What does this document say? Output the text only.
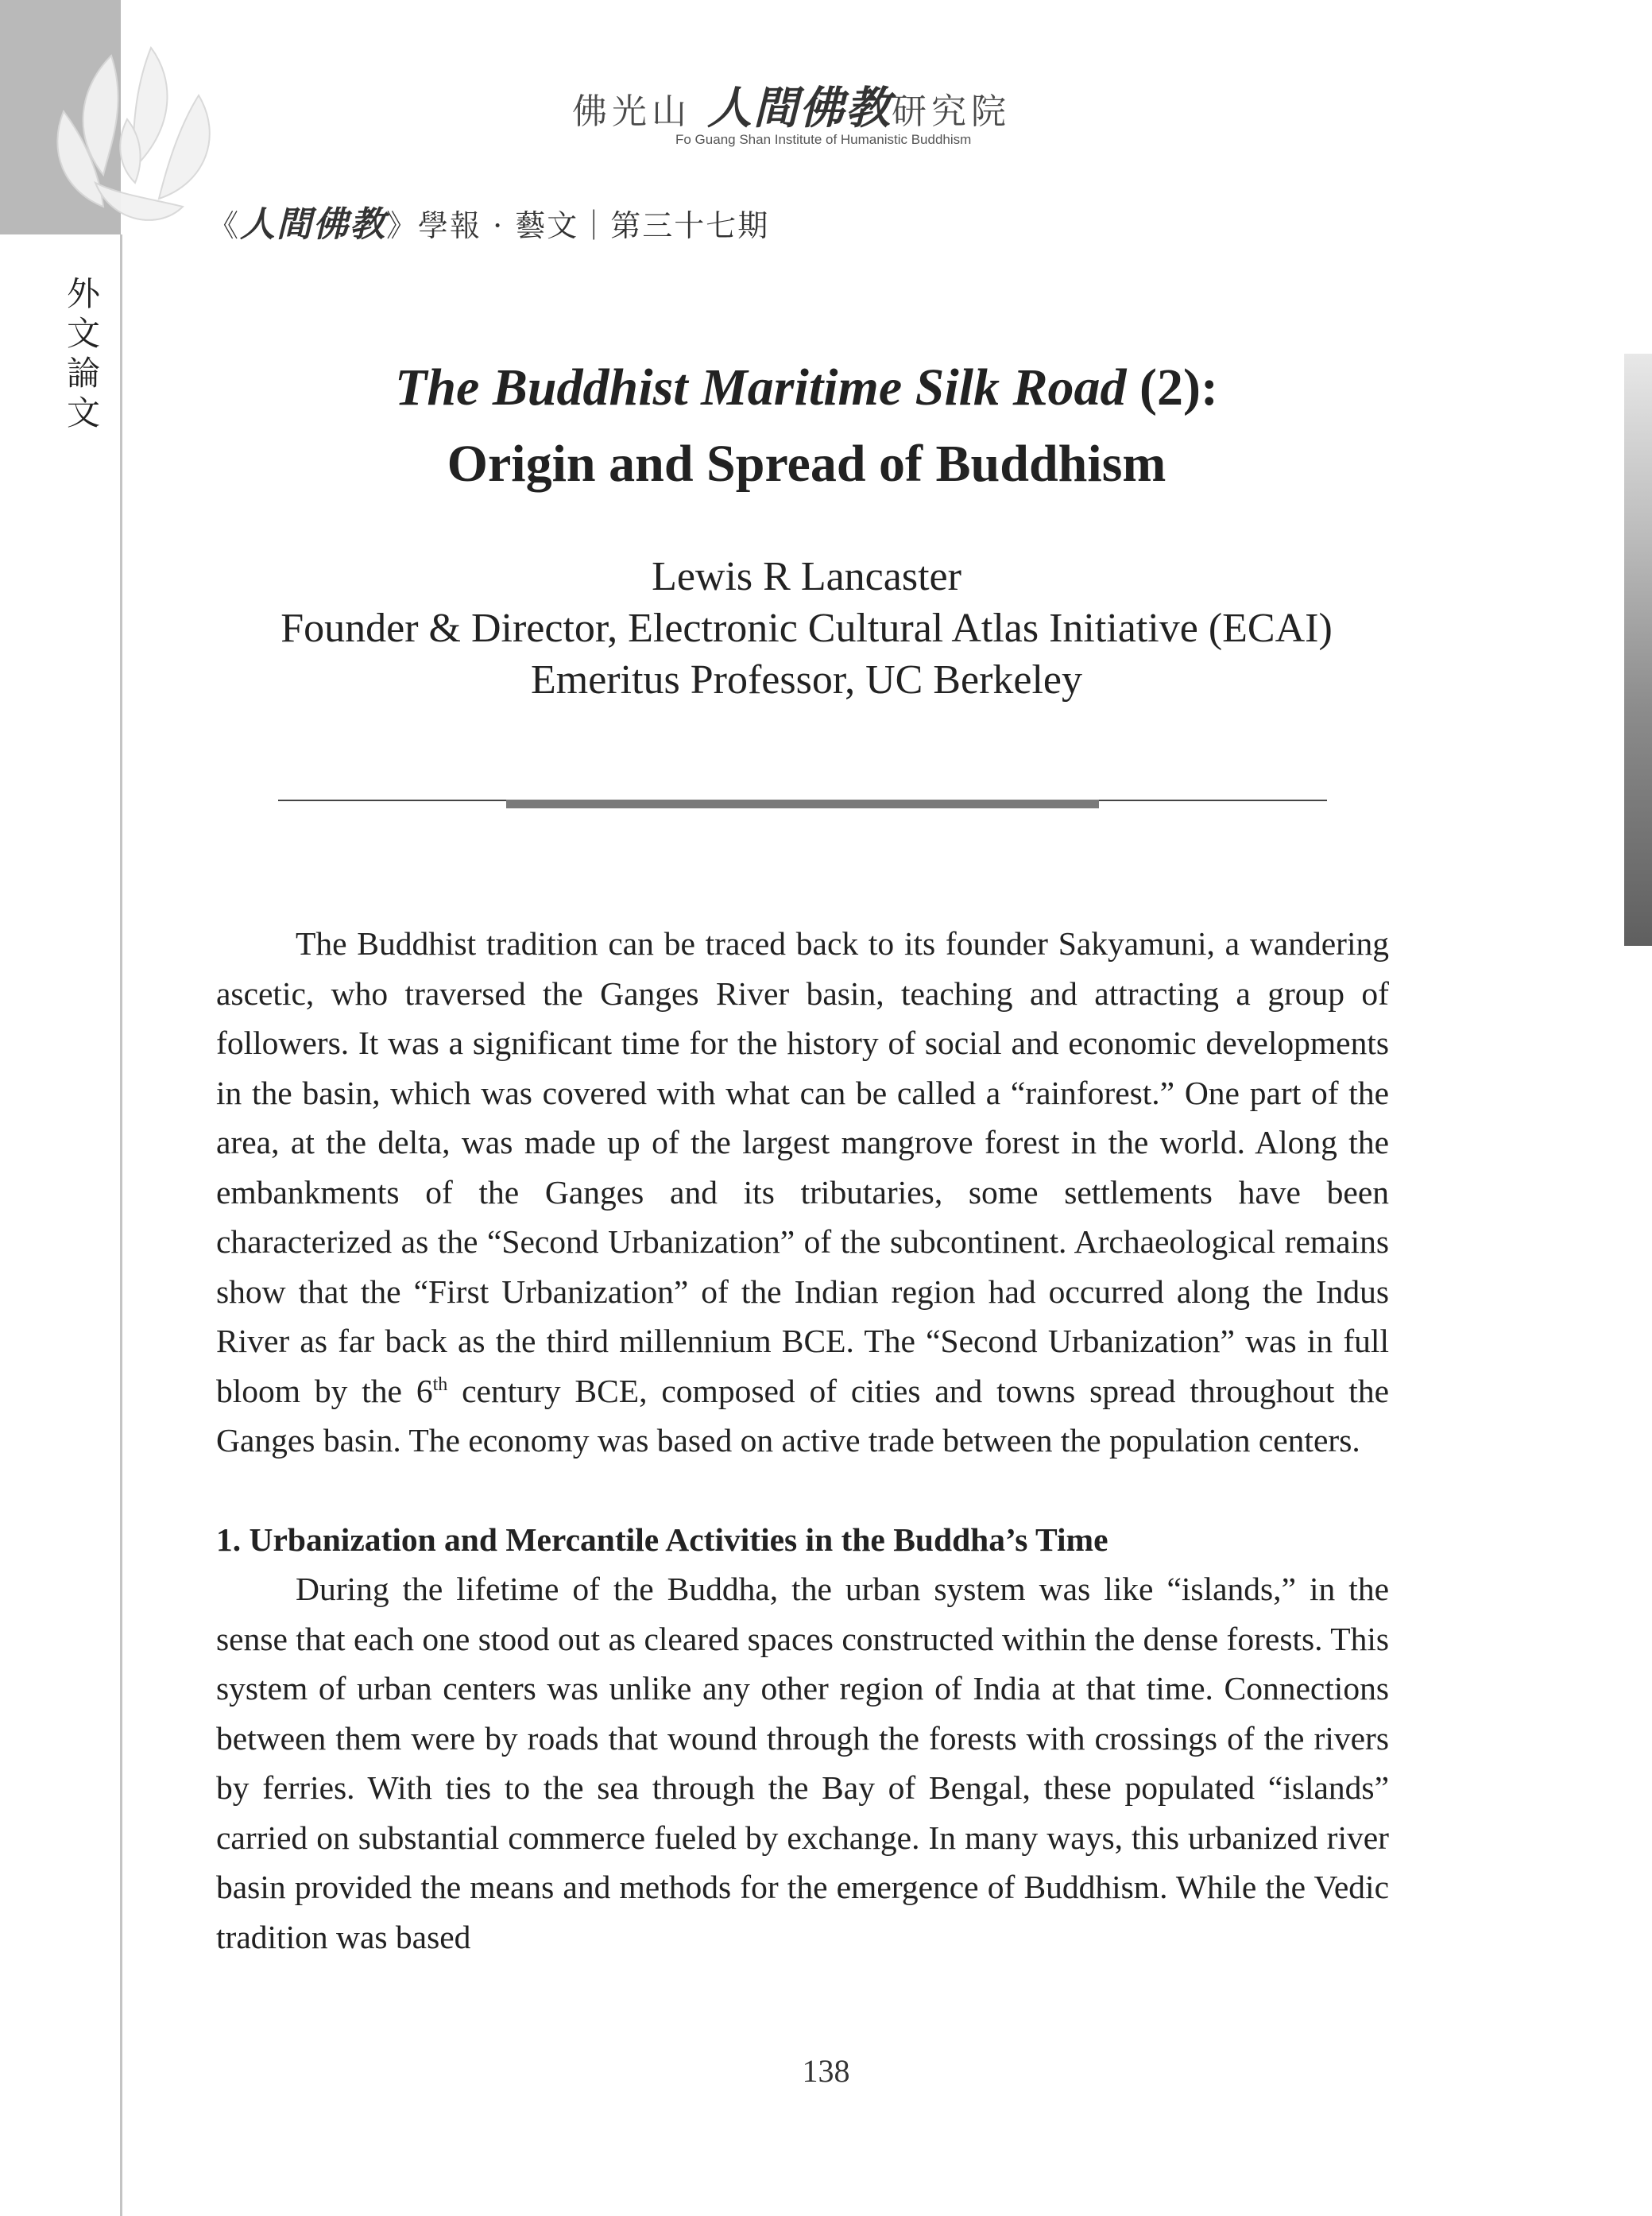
外
文
論
文
佛光山 人間佛教研究院
Fo Guang Shan Institute of Humanistic Buddhism
《人間佛教》學報 · 藝文｜第三十七期
The Buddhist Maritime Silk Road (2):
Origin and Spread of Buddhism
Lewis R Lancaster
Founder & Director, Electronic Cultural Atlas Initiative (ECAI)
Emeritus Professor, UC Berkeley

The Buddhist tradition can be traced back to its founder Sakyamuni, a wandering ascetic, who traversed the Ganges River basin, teaching and attracting a group of followers. It was a significant time for the history of social and economic developments in the basin, which was covered with what can be called a “rainforest.” One part of the area, at the delta, was made up of the largest mangrove forest in the world. Along the embankments of the Ganges and its tributaries, some settlements have been characterized as the “Second Urbanization” of the subcontinent. Archaeological remains show that the “First Urbanization” of the Indian region had occurred along the Indus River as far back as the third millennium BCE. The “Second Urbanization” was in full bloom by the 6th century BCE, composed of cities and towns spread throughout the Ganges basin. The economy was based on active trade between the population centers.

1. Urbanization and Mercantile Activities in the Buddha’s Time

During the lifetime of the Buddha, the urban system was like “islands,” in the sense that each one stood out as cleared spaces constructed within the dense forests. This system of urban centers was unlike any other region of India at that time. Connections between them were by roads that wound through the forests with crossings of the rivers by ferries. With ties to the sea through the Bay of Bengal, these populated “islands” carried on substantial commerce fueled by exchange. In many ways, this urbanized river basin provided the means and methods for the emergence of Buddhism. While the Vedic tradition was based

138
